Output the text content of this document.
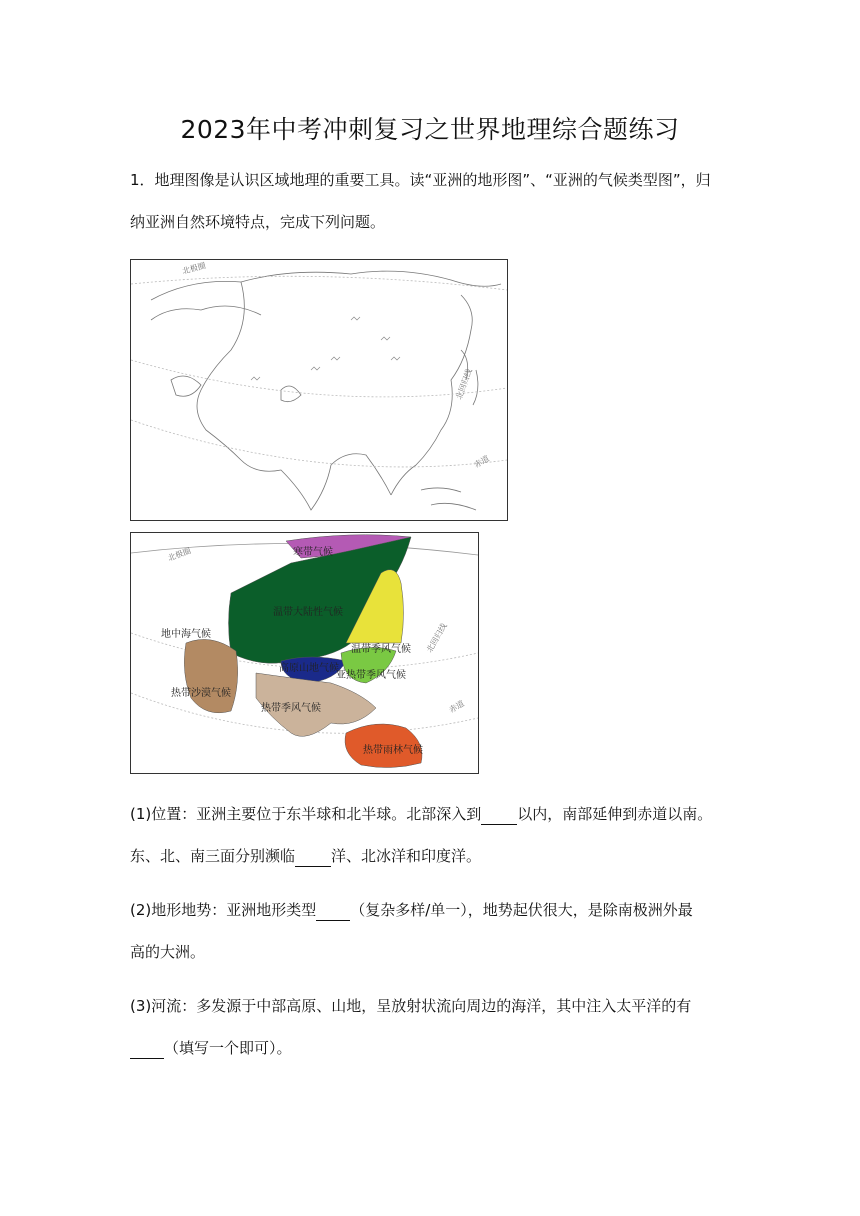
2023年中考冲刺复习之世界地理综合题练习
1．地理图像是认识区域地理的重要工具。读“亚洲的地形图”、“亚洲的气候类型图”，归
纳亚洲自然环境特点，完成下列问题。
北极圈
北回归线
赤道
寒带气候
温带大陆性气候
地中海气候
温带季风气候
高原山地气候
亚热带季风气候
热带沙漠气候
热带季风气候
热带雨林气候
北极圈
北回归线
赤道
(1)位置：亚洲主要位于东半球和北半球。北部深入到 以内，南部延伸到赤道以南。
东、北、南三面分别濒临 洋、北冰洋和印度洋。
(2)地形地势：亚洲地形类型 （复杂多样/单一），地势起伏很大，是除南极洲外最
高的大洲。
(3)河流：多发源于中部高原、山地，呈放射状流向周边的海洋，其中注入太平洋的有
（填写一个即可）。
